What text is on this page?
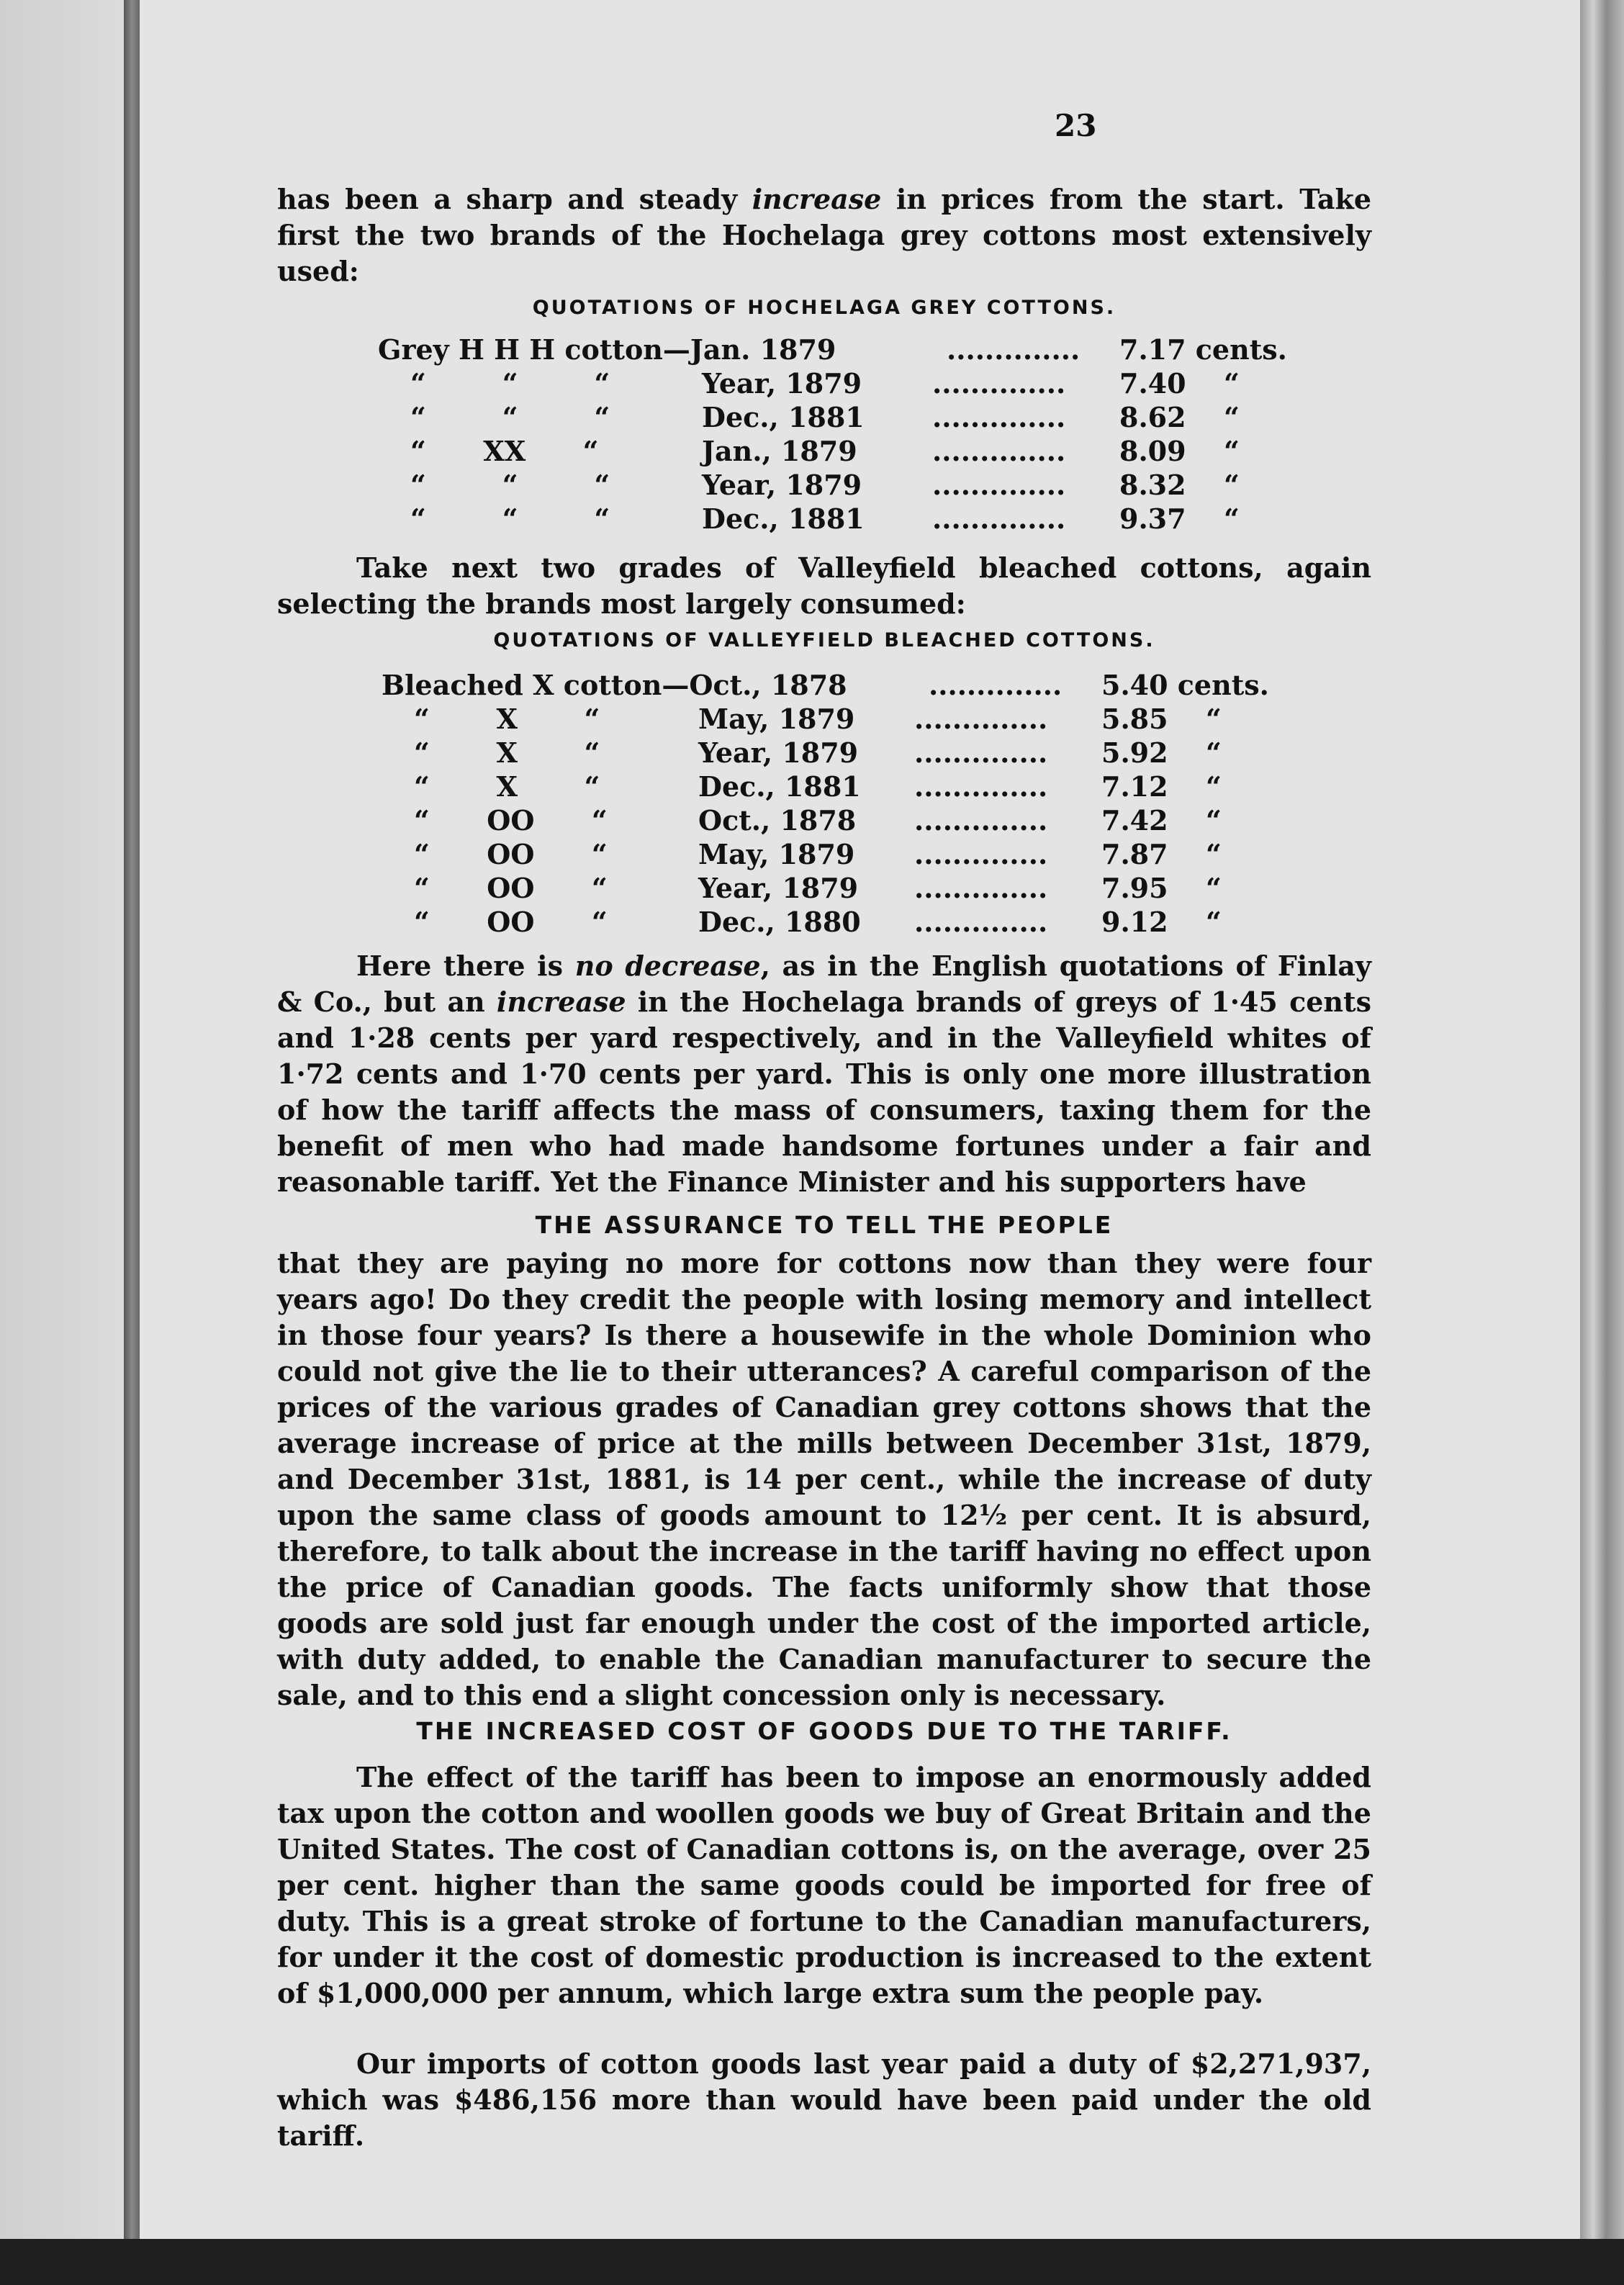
23
has been a sharp and steady increase in prices from the start. Take first the two brands of the Hochelaga grey cottons most extensively used:
QUOTATIONS OF HOCHELAGA GREY COTTONS.
Grey H H H cotton—Jan. 1879	.............. 7.17 cents.
“        “        “	Year, 1879	.............. 7.40 “
“        “        “	Dec., 1881 .............. 8.62 “
“      XX      “	Jan., 1879	.............. 8.09 “
“        “        “	Year, 1879	.............. 8.32 “
“        “        “	Dec., 1881 .............. 9.37 “
Take next two grades of Valleyfield bleached cottons, again selecting the brands most largely consumed:
QUOTATIONS OF VALLEYFIELD BLEACHED COTTONS.
Bleached X cotton—Oct., 1878	.............. 5.40 cents.
“       X       “	May, 1879 .............. 5.85 “
“       X       “	Year, 1879 .............. 5.92 “
“       X       “	Dec., 1881 .............. 7.12 “
“      OO      “	Oct., 1878 .............. 7.42 “
“      OO      “	May, 1879 .............. 7.87 “
“      OO      “	Year, 1879 .............. 7.95 “
“      OO      “	Dec., 1880 .............. 9.12 “
Here there is no decrease, as in the English quotations of Finlay & Co., but an increase in the Hochelaga brands of greys of 1·45 cents and 1·28 cents per yard respectively, and in the Valleyfield whites of 1·72 cents and 1·70 cents per yard. This is only one more illustration of how the tariff affects the mass of consumers, taxing them for the benefit of men who had made handsome fortunes under a fair and reasonable tariff. Yet the Finance Minister and his supporters have
THE ASSURANCE TO TELL THE PEOPLE
that they are paying no more for cottons now than they were four years ago! Do they credit the people with losing memory and intellect in those four years? Is there a housewife in the whole Dominion who could not give the lie to their utterances? A careful comparison of the prices of the various grades of Canadian grey cottons shows that the average increase of price at the mills between December 31st, 1879, and December 31st, 1881, is 14 per cent., while the increase of duty upon the same class of goods amount to 12½ per cent. It is absurd, therefore, to talk about the increase in the tariff having no effect upon the price of Canadian goods. The facts uniformly show that those goods are sold just far enough under the cost of the imported article, with duty added, to enable the Canadian manufacturer to secure the sale, and to this end a slight concession only is necessary.
THE INCREASED COST OF GOODS DUE TO THE TARIFF.
The effect of the tariff has been to impose an enormously added tax upon the cotton and woollen goods we buy of Great Britain and the United States. The cost of Canadian cottons is, on the average, over 25 per cent. higher than the same goods could be imported for free of duty. This is a great stroke of fortune to the Canadian manufacturers, for under it the cost of domestic production is increased to the extent of $1,000,000 per annum, which large extra sum the people pay.
Our imports of cotton goods last year paid a duty of $2,271,937, which was $486,156 more than would have been paid under the old tariff.
